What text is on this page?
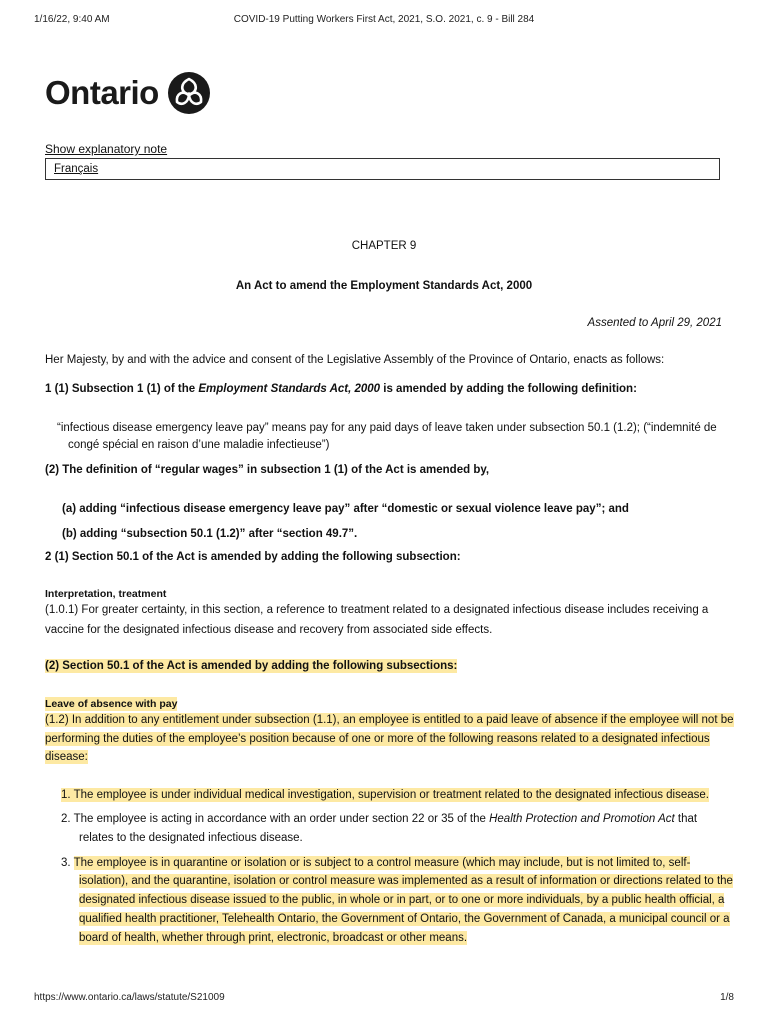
1/16/22, 9:40 AM	COVID-19 Putting Workers First Act, 2021, S.O. 2021, c. 9 - Bill 284
Ontario
Show explanatory note
Français
CHAPTER 9
An Act to amend the Employment Standards Act, 2000
Assented to April 29, 2021
Her Majesty, by and with the advice and consent of the Legislative Assembly of the Province of Ontario, enacts as follows:
1 (1) Subsection 1 (1) of the Employment Standards Act, 2000 is amended by adding the following definition:
“infectious disease emergency leave pay” means pay for any paid days of leave taken under subsection 50.1 (1.2); (“indemnité de
congé spécial en raison d’une maladie infectieuse”)
(2) The definition of “regular wages” in subsection 1 (1) of the Act is amended by,
(a) adding “infectious disease emergency leave pay” after “domestic or sexual violence leave pay”; and
(b) adding “subsection 50.1 (1.2)” after “section 49.7”.
2 (1) Section 50.1 of the Act is amended by adding the following subsection:
Interpretation, treatment
(1.0.1) For greater certainty, in this section, a reference to treatment related to a designated infectious disease includes receiving a
vaccine for the designated infectious disease and recovery from associated side effects.
(2) Section 50.1 of the Act is amended by adding the following subsections:
Leave of absence with pay
(1.2) In addition to any entitlement under subsection (1.1), an employee is entitled to a paid leave of absence if the employee will not be
performing the duties of the employee’s position because of one or more of the following reasons related to a designated infectious
disease:
1. The employee is under individual medical investigation, supervision or treatment related to the designated infectious disease.
2. The employee is acting in accordance with an order under section 22 or 35 of the Health Protection and Promotion Act that
relates to the designated infectious disease.
3. The employee is in quarantine or isolation or is subject to a control measure (which may include, but is not limited to, self-
isolation), and the quarantine, isolation or control measure was implemented as a result of information or directions related to the
designated infectious disease issued to the public, in whole or in part, or to one or more individuals, by a public health official, a
qualified health practitioner, Telehealth Ontario, the Government of Ontario, the Government of Canada, a municipal council or a
board of health, whether through print, electronic, broadcast or other means.
https://www.ontario.ca/laws/statute/S21009	1/8
